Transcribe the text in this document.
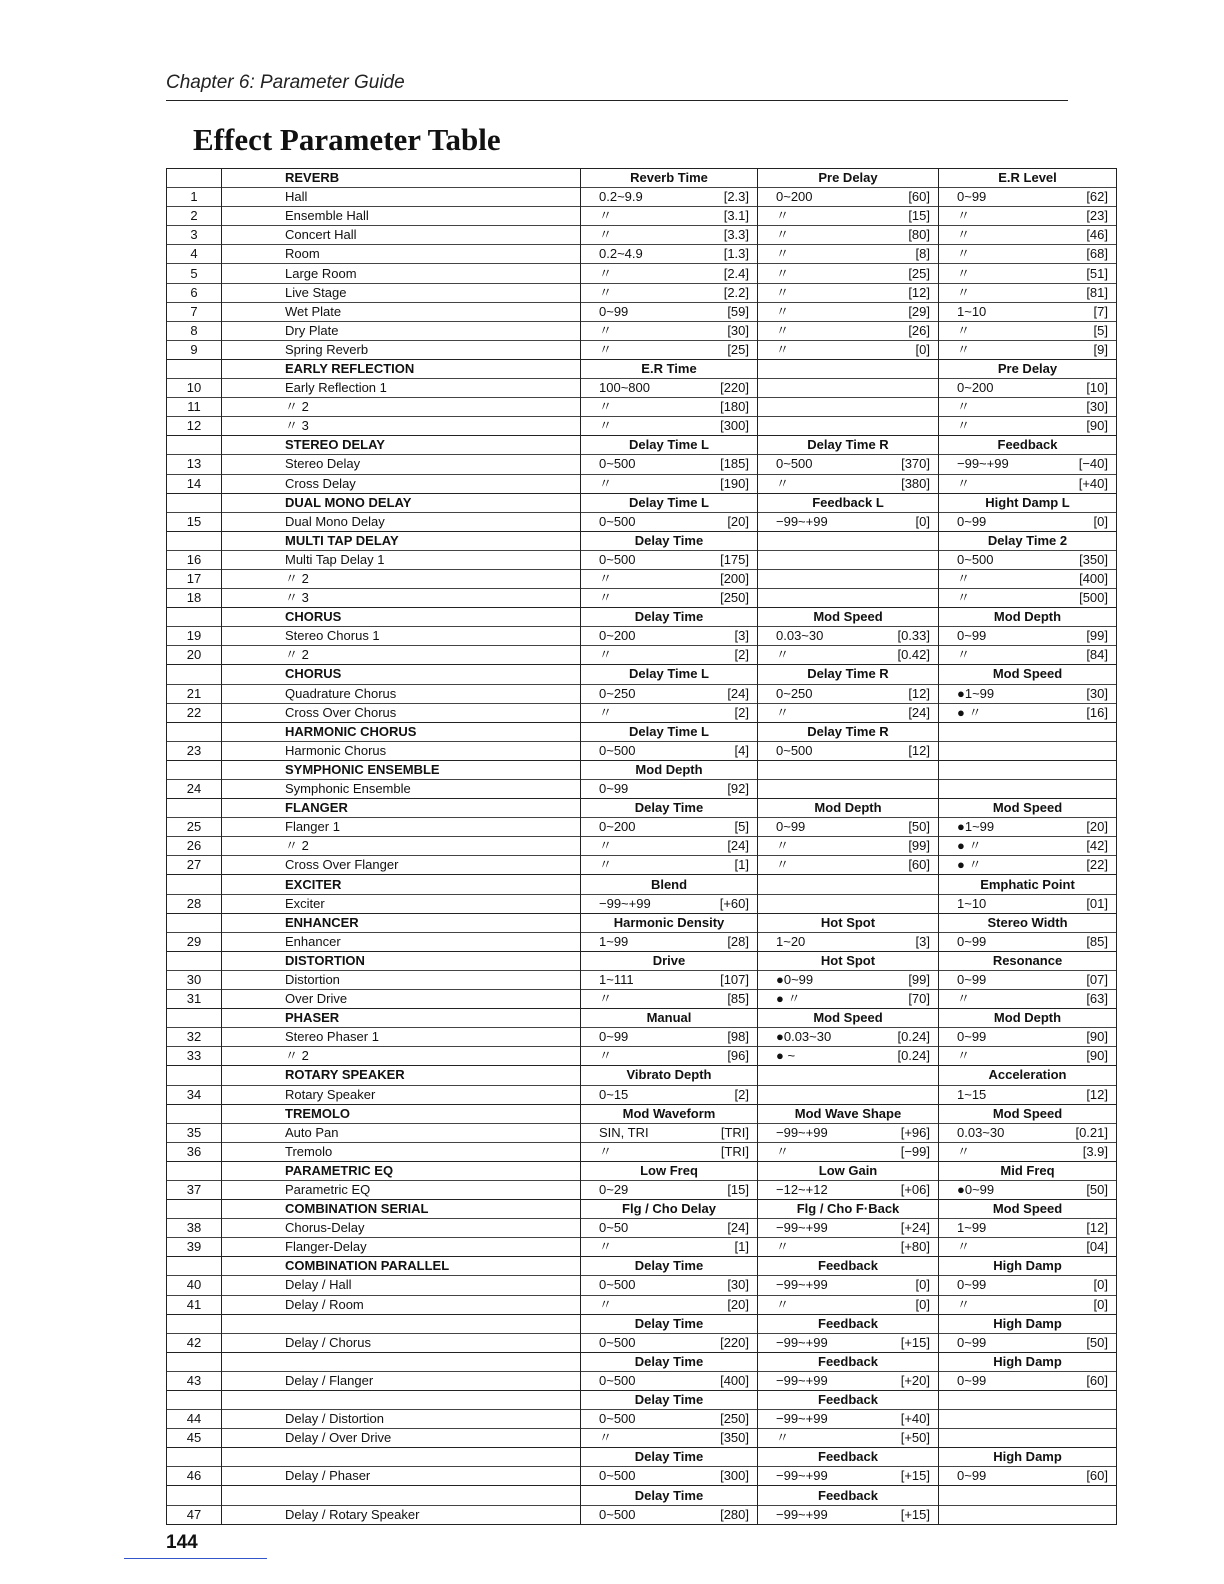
Chapter 6: Parameter Guide
Effect Parameter Table
	REVERB	Reverb Time	Pre Delay	E.R Level
1	Hall	0.2~9.9 [2.3]	0~200 [60]	0~99 [62]

2	Ensemble Hall	〃 [3.1]	〃 [15]	〃 [23]

3	Concert Hall	〃 [3.3]	〃 [80]	〃 [46]

4	Room	0.2~4.9 [1.3]	〃 [8]	〃 [68]

5	Large Room	〃 [2.4]	〃 [25]	〃 [51]

6	Live Stage	〃 [2.2]	〃 [12]	〃 [81]

7	Wet Plate	0~99 [59]	〃 [29]	1~10 [7]

8	Dry Plate	〃 [30]	〃 [26]	〃 [5]

9	Spring Reverb	〃 [25]	〃 [0]	〃 [9]

	EARLY REFLECTION	E.R Time		Pre Delay
10	Early Reflection 1	100~800 [220]		0~200 [10]

11	〃 2	〃 [180]		〃 [30]

12	〃 3	〃 [300]		〃 [90]

	STEREO DELAY	Delay Time L	Delay Time R	Feedback
13	Stereo Delay	0~500 [185]	0~500 [370]	−99~+99 [−40]

14	Cross Delay	〃 [190]	〃 [380]	〃 [+40]

	DUAL MONO DELAY	Delay Time L	Feedback L	Hight Damp L
15	Dual Mono Delay	0~500 [20]	−99~+99 [0]	0~99 [0]

	MULTI TAP DELAY	Delay Time		Delay Time 2
16	Multi Tap Delay 1	0~500 [175]		0~500 [350]

17	〃 2	〃 [200]		〃 [400]

18	〃 3	〃 [250]		〃 [500]

	CHORUS	Delay Time	Mod Speed	Mod Depth
19	Stereo Chorus 1	0~200 [3]	0.03~30 [0.33]	0~99 [99]

20	〃 2	〃 [2]	〃 [0.42]	〃 [84]

	CHORUS	Delay Time L	Delay Time R	Mod Speed
21	Quadrature Chorus	0~250 [24]	0~250 [12]	●1~99 [30]

22	Cross Over Chorus	〃 [2]	〃 [24]	● 〃 [16]

	HARMONIC CHORUS	Delay Time L	Delay Time R	
23	Harmonic Chorus	0~500 [4]	0~500 [12]	

	SYMPHONIC ENSEMBLE	Mod Depth		
24	Symphonic Ensemble	0~99 [92]		

	FLANGER	Delay Time	Mod Depth	Mod Speed
25	Flanger 1	0~200 [5]	0~99 [50]	●1~99 [20]

26	〃 2	〃 [24]	〃 [99]	● 〃 [42]

27	Cross Over Flanger	〃 [1]	〃 [60]	● 〃 [22]

	EXCITER	Blend		Emphatic Point
28	Exciter	−99~+99 [+60]		1~10 [01]

	ENHANCER	Harmonic Density	Hot Spot	Stereo Width
29	Enhancer	1~99 [28]	1~20 [3]	0~99 [85]

	DISTORTION	Drive	Hot Spot	Resonance
30	Distortion	1~111 [107]	●0~99 [99]	0~99 [07]

31	Over Drive	〃 [85]	● 〃 [70]	〃 [63]

	PHASER	Manual	Mod Speed	Mod Depth
32	Stereo Phaser 1	0~99 [98]	●0.03~30 [0.24]	0~99 [90]

33	〃 2	〃 [96]	● ~ [0.24]	〃 [90]

	ROTARY SPEAKER	Vibrato Depth		Acceleration
34	Rotary Speaker	0~15 [2]		1~15 [12]

	TREMOLO	Mod Waveform	Mod Wave Shape	Mod Speed
35	Auto Pan	SIN, TRI [TRI]	−99~+99 [+96]	0.03~30 [0.21]

36	Tremolo	〃 [TRI]	〃 [−99]	〃 [3.9]

	PARAMETRIC EQ	Low Freq	Low Gain	Mid Freq
37	Parametric EQ	0~29 [15]	−12~+12 [+06]	●0~99 [50]

	COMBINATION SERIAL	Flg / Cho Delay	Flg / Cho F·Back	Mod Speed
38	Chorus-Delay	0~50 [24]	−99~+99 [+24]	1~99 [12]

39	Flanger-Delay	〃 [1]	〃 [+80]	〃 [04]

	COMBINATION PARALLEL	Delay Time	Feedback	High Damp
40	Delay / Hall	0~500 [30]	−99~+99 [0]	0~99 [0]

41	Delay / Room	〃 [20]	〃 [0]	〃 [0]

		Delay Time	Feedback	High Damp
42	Delay / Chorus	0~500 [220]	−99~+99 [+15]	0~99 [50]

		Delay Time	Feedback	High Damp
43	Delay / Flanger	0~500 [400]	−99~+99 [+20]	0~99 [60]

		Delay Time	Feedback	
44	Delay / Distortion	0~500 [250]	−99~+99 [+40]	

45	Delay / Over Drive	〃 [350]	〃 [+50]	

		Delay Time	Feedback	High Damp
46	Delay / Phaser	0~500 [300]	−99~+99 [+15]	0~99 [60]

		Delay Time	Feedback	
47	Delay / Rotary Speaker	0~500 [280]	−99~+99 [+15]	

144
